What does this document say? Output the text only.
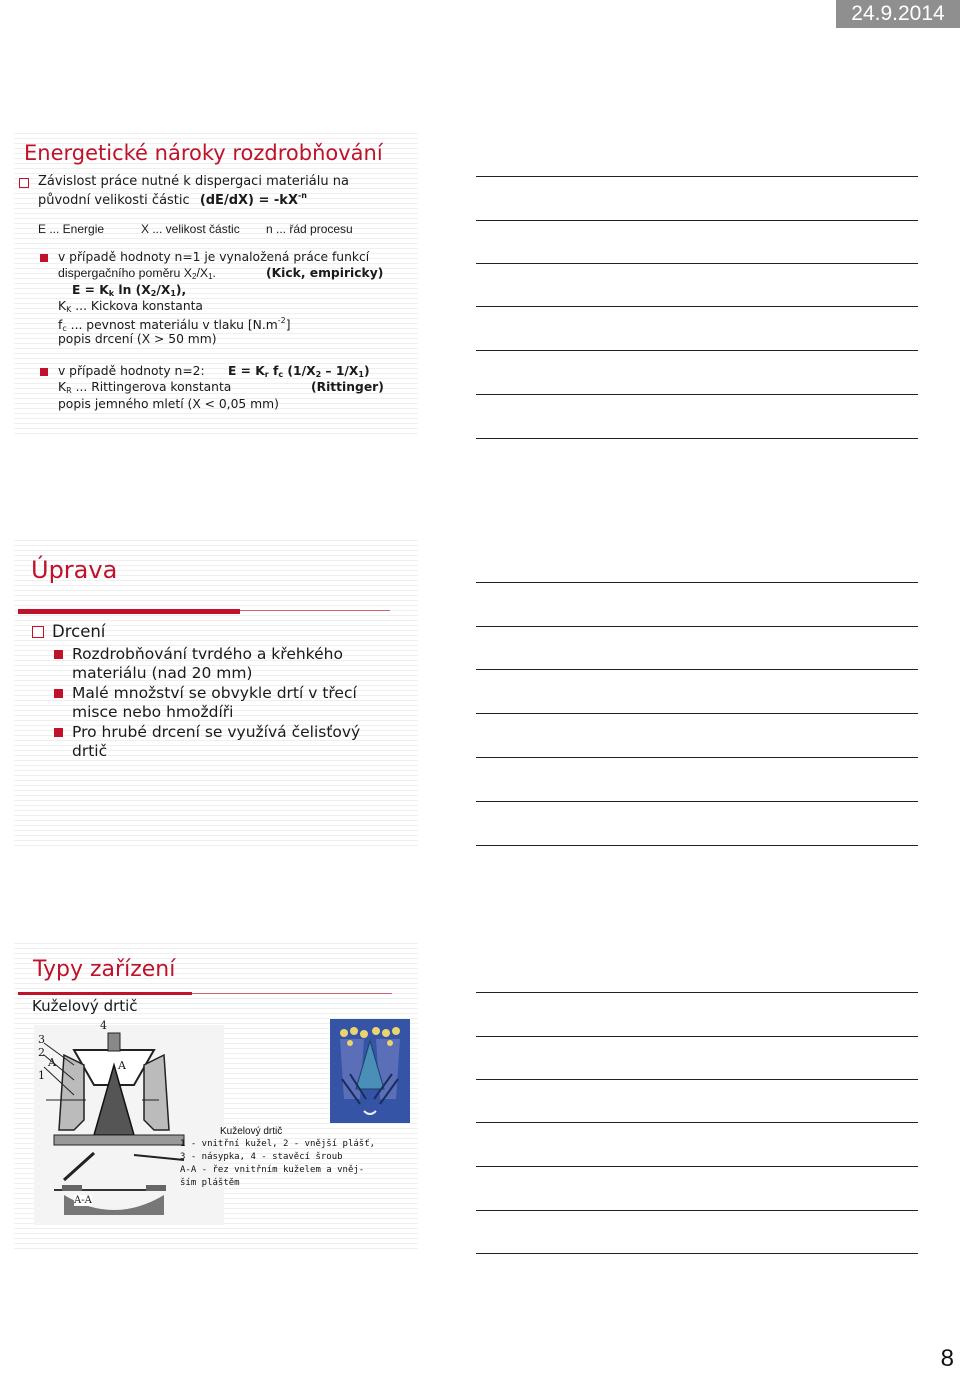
24.9.2014
Energetické nároky rozdrobňování
Závislost práce nutné k dispergaci materiálu na
původní velikosti částic $(dE/dX) = -kX^{-n}$
E ... Energie	X ... velikost částic n ... řád procesu
v případě hodnoty n=1 je vynaložená práce funkcí
dispergačního poměru $X_2/X_1$.	(Kick, empiricky)
$E = K_k$ $\ln (X_2/X_1)$,
$K_K$ ... Kickova konstanta
$f_c$ ... pevnost materiálu v tlaku $[N.m^{-2}]$
popis drcení (X > 50 mm)
v případě hodnoty n=2: $E = K_r$ $f_c$ $(1/X_2 - 1/X_1)$
$K_R$ ... Rittingerova konstanta	(Rittinger)
popis jemného mletí (X < 0,05 mm)
Úprava
Drcení
Rozdrobňování tvrdého a křehkého
materiálu (nad 20 mm)
Malé množství se obvykle drtí v třecí
misce nebo hmoždíři
Pro hrubé drcení se využívá čelisťový
drtič
Typy zařízení
Kuželový drtič
4
3
2
1
A	A
A-A
Kuželový drtič
1 - vnitřní kužel, 2 - vnější plášť,
3 - násypka, 4 - stavěcí šroub
A-A - řez vnitřním kuželem a vněj-
ším pláštěm
8
